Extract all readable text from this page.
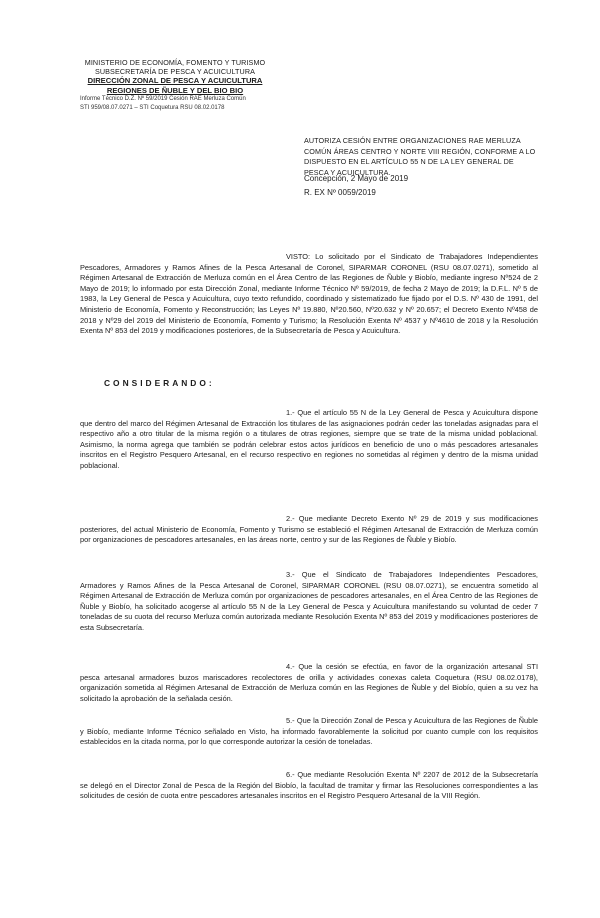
MINISTERIO DE ECONOMÍA, FOMENTO Y TURISMO
SUBSECRETARÍA DE PESCA Y ACUICULTURA
DIRECCIÓN ZONAL DE PESCA Y ACUICULTURA
REGIONES DE ÑUBLE Y DEL BIO BIO
Informe Técnico D.Z. Nº 59/2019 Cesión RAE Merluza Común
STI 959/08.07.0271 – STI Coquetura RSU 08.02.0178
AUTORIZA CESIÓN ENTRE ORGANIZACIONES RAE MERLUZA COMÚN ÁREAS CENTRO Y NORTE VIII REGIÓN, CONFORME A LO DISPUESTO EN EL ARTÍCULO 55 N DE LA LEY GENERAL DE PESCA Y ACUICULTURA.
Concepción, 2 Mayo de 2019
R. EX Nº 0059/2019

VISTO: Lo solicitado por el Sindicato de Trabajadores Independientes Pescadores, Armadores y Ramos Afines de la Pesca Artesanal de Coronel, SIPARMAR CORONEL (RSU 08.07.0271), sometido al Régimen Artesanal de Extracción de Merluza común en el Área Centro de las Regiones de Ñuble y Biobío, mediante ingreso Nº524 de 2 Mayo de 2019; lo informado por esta Dirección Zonal, mediante Informe Técnico Nº 59/2019, de fecha 2 Mayo de 2019; la D.F.L. Nº 5 de 1983, la Ley General de Pesca y Acuicultura, cuyo texto refundido, coordinado y sistematizado fue fijado por el D.S. Nº 430 de 1991, del Ministerio de Economía, Fomento y Reconstrucción; las Leyes Nº 19.880, Nº20.560, Nº20.632 y Nº 20.657; el Decreto Exento Nº458 de 2018 y Nº29 del 2019 del Ministerio de Economía, Fomento y Turismo; la Resolución Exenta Nº 4537 y Nº4610 de 2018 y la Resolución Exenta Nº 853 del 2019 y modificaciones posteriores, de la Subsecretaría de Pesca y Acuicultura.

CONSIDERANDO:

1.- Que el artículo 55 N de la Ley General de Pesca y Acuicultura dispone que dentro del marco del Régimen Artesanal de Extracción los titulares de las asignaciones podrán ceder las toneladas asignadas para el respectivo año a otro titular de la misma región o a titulares de otras regiones, siempre que se trate de la misma unidad poblacional. Asimismo, la norma agrega que también se podrán celebrar estos actos jurídicos en beneficio de uno o más pescadores artesanales inscritos en el Registro Pesquero Artesanal, en el recurso respectivo en regiones no sometidas al régimen y dentro de la misma unidad poblacional.

2.- Que mediante Decreto Exento Nº 29 de 2019 y sus modificaciones posteriores, del actual Ministerio de Economía, Fomento y Turismo se estableció el Régimen Artesanal de Extracción de Merluza común por organizaciones de pescadores artesanales, en las áreas norte, centro y sur de las Regiones de Ñuble y Biobío.

3.- Que el Sindicato de Trabajadores Independientes Pescadores, Armadores y Ramos Afines de la Pesca Artesanal de Coronel, SIPARMAR CORONEL (RSU 08.07.0271), se encuentra sometido al Régimen Artesanal de Extracción de Merluza común por organizaciones de pescadores artesanales, en el Área Centro de las Regiones de Ñuble y Biobío, ha solicitado acogerse al artículo 55 N de la Ley General de Pesca y Acuicultura manifestando su voluntad de ceder 7 toneladas de su cuota del recurso Merluza común autorizada mediante Resolución Exenta Nº 853 del 2019 y modificaciones posteriores de esta Subsecretaría.

4.- Que la cesión se efectúa, en favor de la organización artesanal STI pesca artesanal armadores buzos mariscadores recolectores de orilla y actividades conexas caleta Coquetura (RSU 08.02.0178), organización sometida al Régimen Artesanal de Extracción de Merluza común en las Regiones de Ñuble y del Biobío, quien a su vez ha solicitado la aprobación de la señalada cesión.

5.- Que la Dirección Zonal de Pesca y Acuicultura de las Regiones de Ñuble y Biobío, mediante Informe Técnico señalado en Visto, ha informado favorablemente la solicitud por cuanto cumple con los requisitos establecidos en la citada norma, por lo que corresponde autorizar la cesión de toneladas.

6.- Que mediante Resolución Exenta Nº 2207 de 2012 de la Subsecretaría se delegó en el Director Zonal de Pesca de la Región del Biobío, la facultad de tramitar y firmar las Resoluciones correspondientes a las solicitudes de cesión de cuota entre pescadores artesanales inscritos en el Registro Pesquero Artesanal de la VIII Región.
